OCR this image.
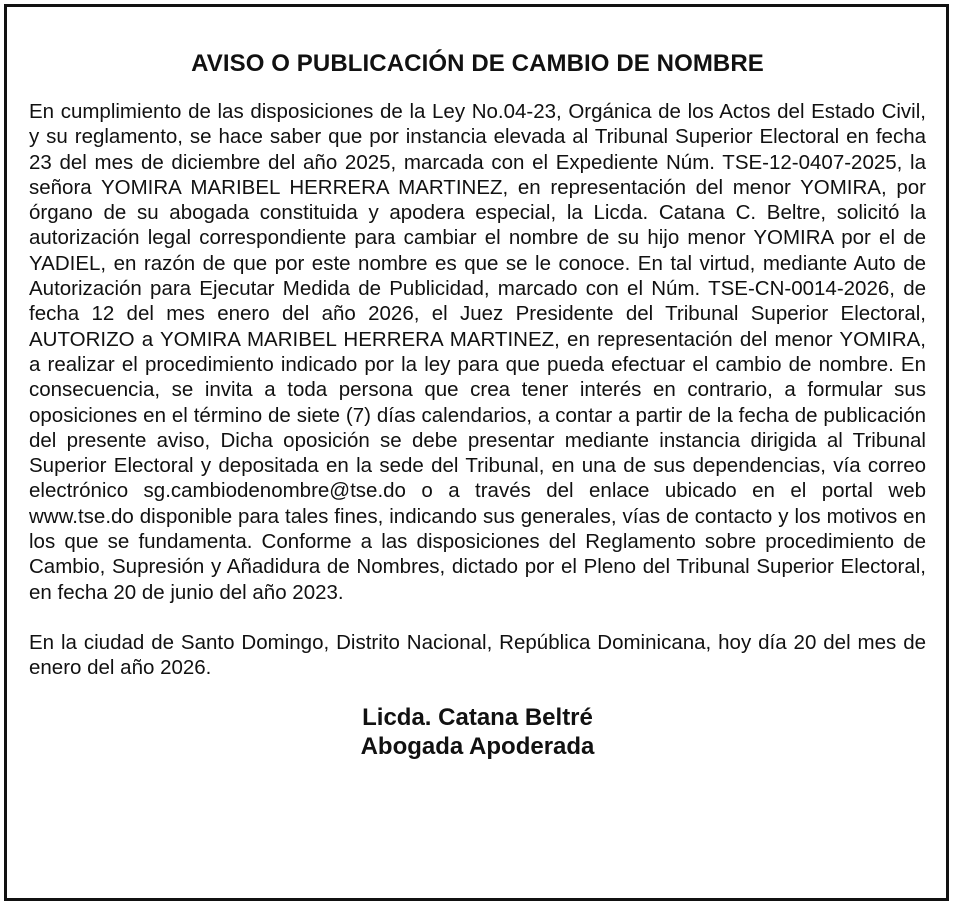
AVISO O PUBLICACIÓN DE CAMBIO DE NOMBRE

En cumplimiento de las disposiciones de la Ley No.04-23, Orgánica de los Actos del Estado Civil, y su reglamento, se hace saber que por instancia elevada al Tribunal Superior Electoral en fecha 23 del mes de diciembre del año 2025, marcada con el Expediente Núm. TSE-12-0407-2025, la señora YOMIRA MARIBEL HERRERA MARTINEZ, en representación del menor YOMIRA, por órgano de su abogada constituida y apodera especial, la Licda. Catana C. Beltre, solicitó la autorización legal correspondiente para cambiar el nombre de su hijo menor YOMIRA por el de YADIEL, en razón de que por este nombre es que se le conoce. En tal virtud, mediante Auto de Autorización para Ejecutar Medida de Publicidad, marcado con el Núm. TSE-CN-0014-2026, de fecha 12 del mes enero del año 2026, el Juez Presidente del Tribunal Superior Electoral, AUTORIZO a YOMIRA MARIBEL HERRERA MARTINEZ, en representación del menor YOMIRA, a realizar el procedimiento indicado por la ley para que pueda efectuar el cambio de nombre. En consecuencia, se invita a toda persona que crea tener interés en contrario, a formular sus oposiciones en el término de siete (7) días calendarios, a contar a partir de la fecha de publicación del presente aviso, Dicha oposición se debe presentar mediante instancia dirigida al Tribunal Superior Electoral y depositada en la sede del Tribunal, en una de sus dependencias, vía correo electrónico sg.cambiodenombre@tse.do o a través del enlace ubicado en el portal web www.tse.do disponible para tales fines, indicando sus generales, vías de contacto y los motivos en los que se fundamenta. Conforme a las disposiciones del Reglamento sobre procedimiento de Cambio, Supresión y Añadidura de Nombres, dictado por el Pleno del Tribunal Superior Electoral, en fecha 20 de junio del año 2023.

En la ciudad de Santo Domingo, Distrito Nacional, República Dominicana, hoy día 20 del mes de enero del año 2026.

Licda. Catana Beltré
Abogada Apoderada
